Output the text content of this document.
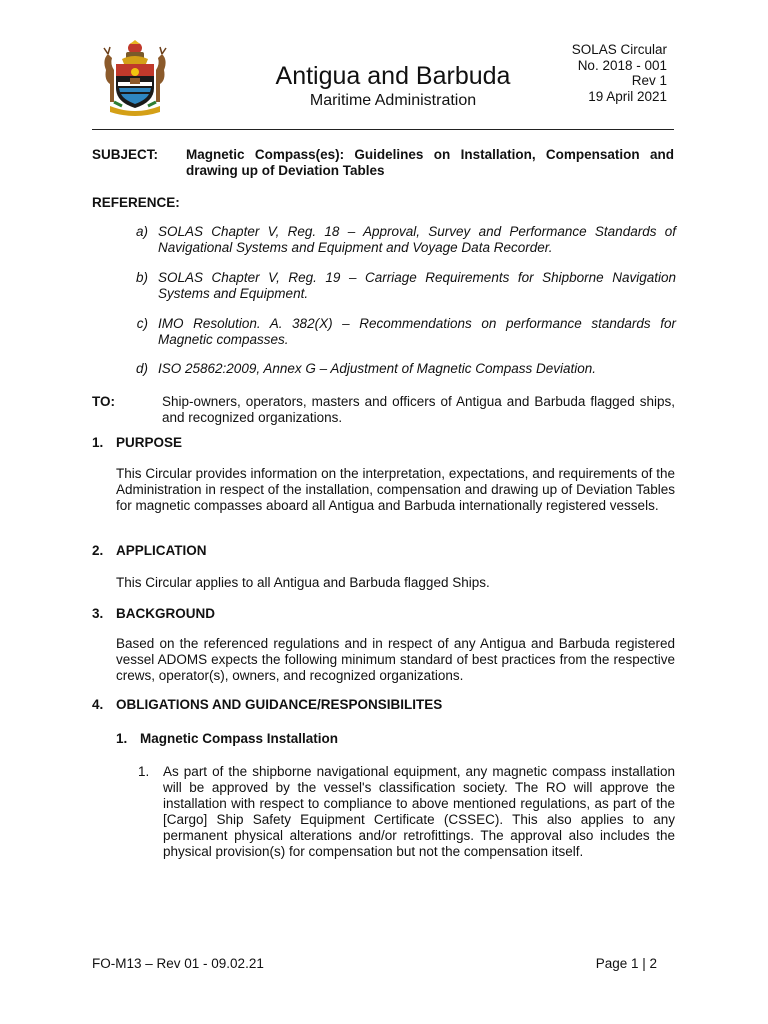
Antigua and Barbuda
Maritime Administration
SOLAS Circular
No. 2018 - 001
Rev 1
19 April 2021
SUBJECT: Magnetic Compass(es): Guidelines on Installation, Compensation and drawing up of Deviation Tables
REFERENCE:
a) SOLAS Chapter V, Reg. 18 – Approval, Survey and Performance Standards of Navigational Systems and Equipment and Voyage Data Recorder.
b) SOLAS Chapter V, Reg. 19 – Carriage Requirements for Shipborne Navigation Systems and Equipment.
c) IMO Resolution. A. 382(X) – Recommendations on performance standards for Magnetic compasses.
d) ISO 25862:2009, Annex G – Adjustment of Magnetic Compass Deviation.
TO:	Ship-owners, operators, masters and officers of Antigua and Barbuda flagged ships, and recognized organizations.
1. PURPOSE
This Circular provides information on the interpretation, expectations, and requirements of the Administration in respect of the installation, compensation and drawing up of Deviation Tables for magnetic compasses aboard all Antigua and Barbuda internationally registered vessels.
2. APPLICATION
This Circular applies to all Antigua and Barbuda flagged Ships.
3. BACKGROUND
Based on the referenced regulations and in respect of any Antigua and Barbuda registered vessel ADOMS expects the following minimum standard of best practices from the respective crews, operator(s), owners, and recognized organizations.
4. OBLIGATIONS AND GUIDANCE/RESPONSIBILITES
1. Magnetic Compass Installation
1. As part of the shipborne navigational equipment, any magnetic compass installation will be approved by the vessel's classification society. The RO will approve the installation with respect to compliance to above mentioned regulations, as part of the [Cargo] Ship Safety Equipment Certificate (CSSEC). This also applies to any permanent physical alterations and/or retrofittings. The approval also includes the physical provision(s) for compensation but not the compensation itself.
FO-M13 – Rev 01 - 09.02.21	Page 1 | 2
